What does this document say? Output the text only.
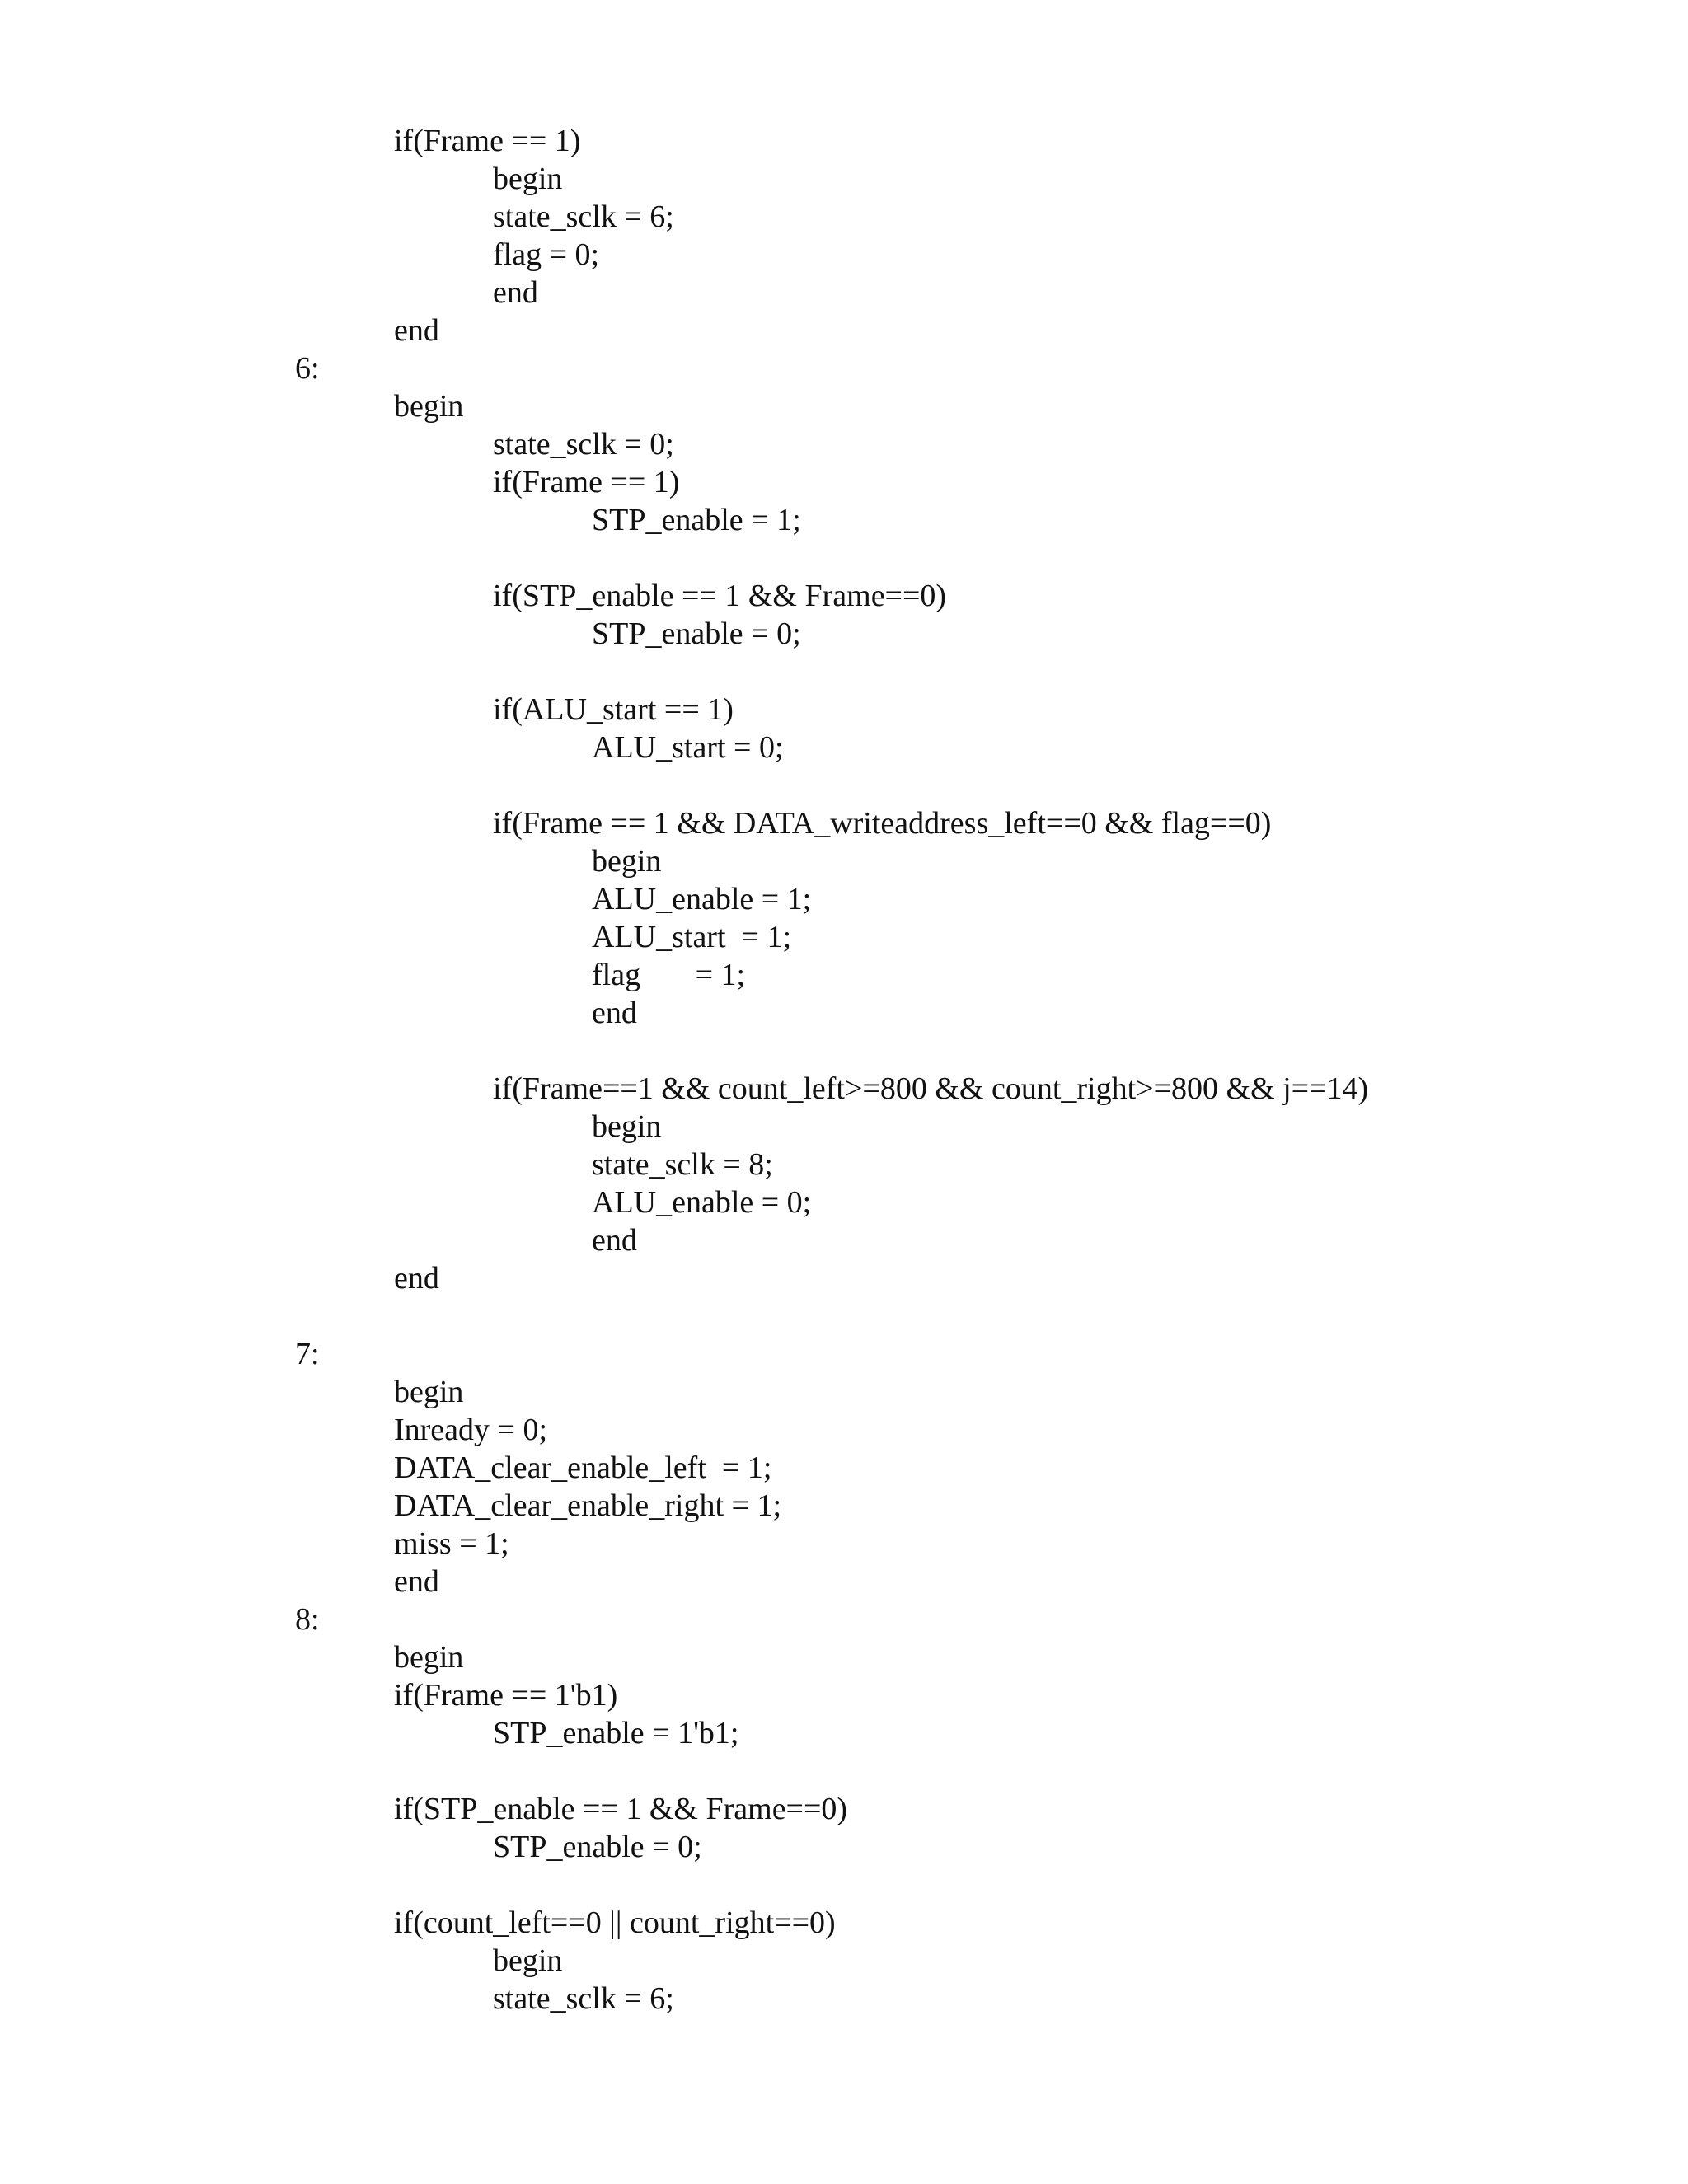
if(Frame == 1)

begin

state_sclk = 6;

flag = 0;

end

end

6:

begin

state_sclk = 0;

if(Frame == 1)

STP_enable = 1;

if(STP_enable == 1 && Frame==0)

STP_enable = 0;

if(ALU_start == 1)

ALU_start = 0;

if(Frame == 1 && DATA_writeaddress_left==0 && flag==0)

begin

ALU_enable = 1;

ALU_start  = 1;

flag       = 1;

end

if(Frame==1 && count_left>=800 && count_right>=800 && j==14)

begin

state_sclk = 8;

ALU_enable = 0;

end

end

7:

begin

Inready = 0;

DATA_clear_enable_left  = 1;

DATA_clear_enable_right = 1;

miss = 1;

end

8:

begin

if(Frame == 1'b1)

STP_enable = 1'b1;

if(STP_enable == 1 && Frame==0)

STP_enable = 0;

if(count_left==0 || count_right==0)

begin

state_sclk = 6;
